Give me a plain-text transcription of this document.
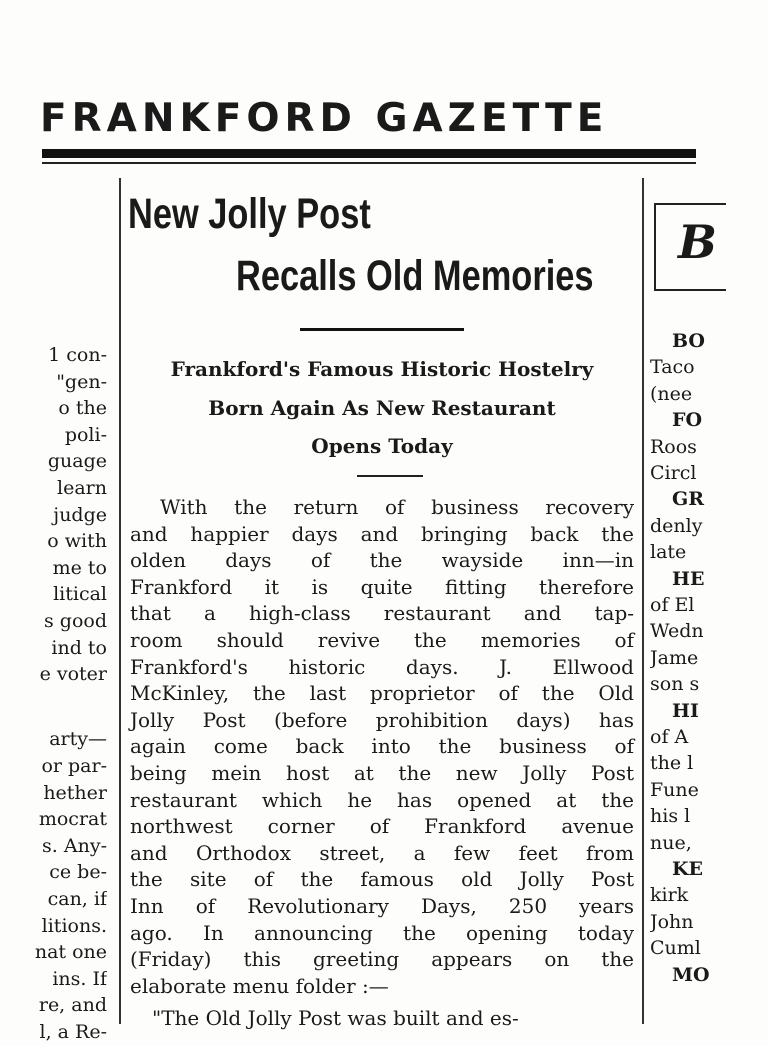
FRANKFORD GAZETTE
New Jolly Post
Recalls Old Memories
Frankford's Famous Historic Hostelry
Born Again As New Restaurant
Opens Today
B
With the return of business recovery
and happier days and bringing back the
olden days of the wayside inn—in
Frankford it is quite fitting therefore
that a high-class restaurant and tap-
room should revive the memories of
Frankford's historic days. J. Ellwood
McKinley, the last proprietor of the Old
Jolly Post (before prohibition days) has
again come back into the business of
being mein host at the new Jolly Post
restaurant which he has opened at the
northwest corner of Frankford avenue
and Orthodox street, a few feet from
the site of the famous old Jolly Post
Inn of Revolutionary Days, 250 years
ago. In announcing the opening today
(Friday) this greeting appears on the
elaborate menu folder :—
"The Old Jolly Post was built and es-
1 con-
"gen-
o the
poli-
guage
learn
judge
o with
me to
litical
s good
ind to
e voter
arty—
or par-
hether
mocrat
s. Any-
ce be-
can, if
litions.
nat one
ins. If
re, and
l, a Re-
BO
Taco
(nee
FO
Roos
Circl
GR
denly
late
HE
of El
Wedn
Jame
son s
HI
of A
the l
Fune
his l
nue,
KE
kirk
John
Cuml
MO
